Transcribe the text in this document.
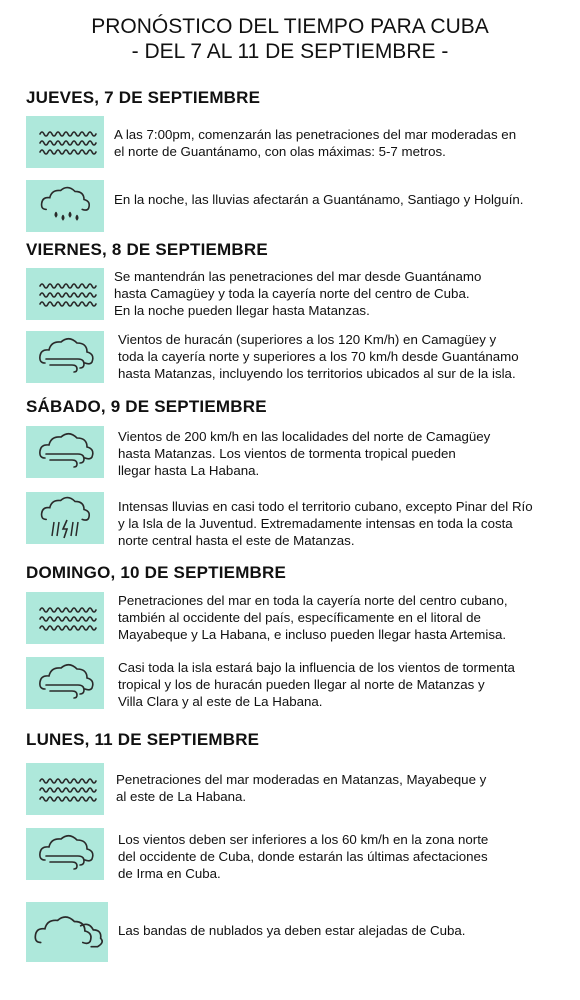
PRONÓSTICO DEL TIEMPO PARA CUBA
- DEL 7 AL 11 DE SEPTIEMBRE -
JUEVES, 7 DE SEPTIEMBRE
A las 7:00pm, comenzarán las penetraciones del mar moderadas en
el norte de Guantánamo, con olas máximas: 5-7 metros.
En la noche, las lluvias afectarán a Guantánamo, Santiago y Holguín.
VIERNES, 8 DE SEPTIEMBRE
Se mantendrán las penetraciones del mar desde Guantánamo
hasta Camagüey y toda la cayería norte del centro de Cuba.
En la noche pueden llegar hasta Matanzas.
Vientos de huracán (superiores a los 120 Km/h) en Camagüey y
toda la cayería norte y superiores a los 70 km/h desde Guantánamo
hasta Matanzas, incluyendo los territorios ubicados al sur de la isla.
SÁBADO, 9 DE SEPTIEMBRE
Vientos de 200 km/h en las localidades del norte de Camagüey
hasta Matanzas. Los vientos de tormenta tropical pueden
llegar hasta La Habana.
Intensas lluvias en casi todo el territorio cubano, excepto Pinar del Río
y la Isla de la Juventud. Extremadamente intensas en toda la costa
norte central hasta el este de Matanzas.
DOMINGO, 10 DE SEPTIEMBRE
Penetraciones del mar en toda la cayería norte del centro cubano,
también al occidente del país, específicamente en el litoral de
Mayabeque y La Habana, e incluso pueden llegar hasta Artemisa.
Casi toda la isla estará bajo la influencia de los vientos de tormenta
tropical y los de huracán pueden llegar al norte de Matanzas y
Villa Clara y al este de La Habana.
LUNES, 11 DE SEPTIEMBRE
Penetraciones del mar moderadas en Matanzas, Mayabeque y
al este de La Habana.
Los vientos deben ser inferiores a los 60 km/h en la zona norte
del occidente de Cuba, donde estarán las últimas afectaciones
de Irma en Cuba.
Las bandas de nublados ya deben estar alejadas de Cuba.
